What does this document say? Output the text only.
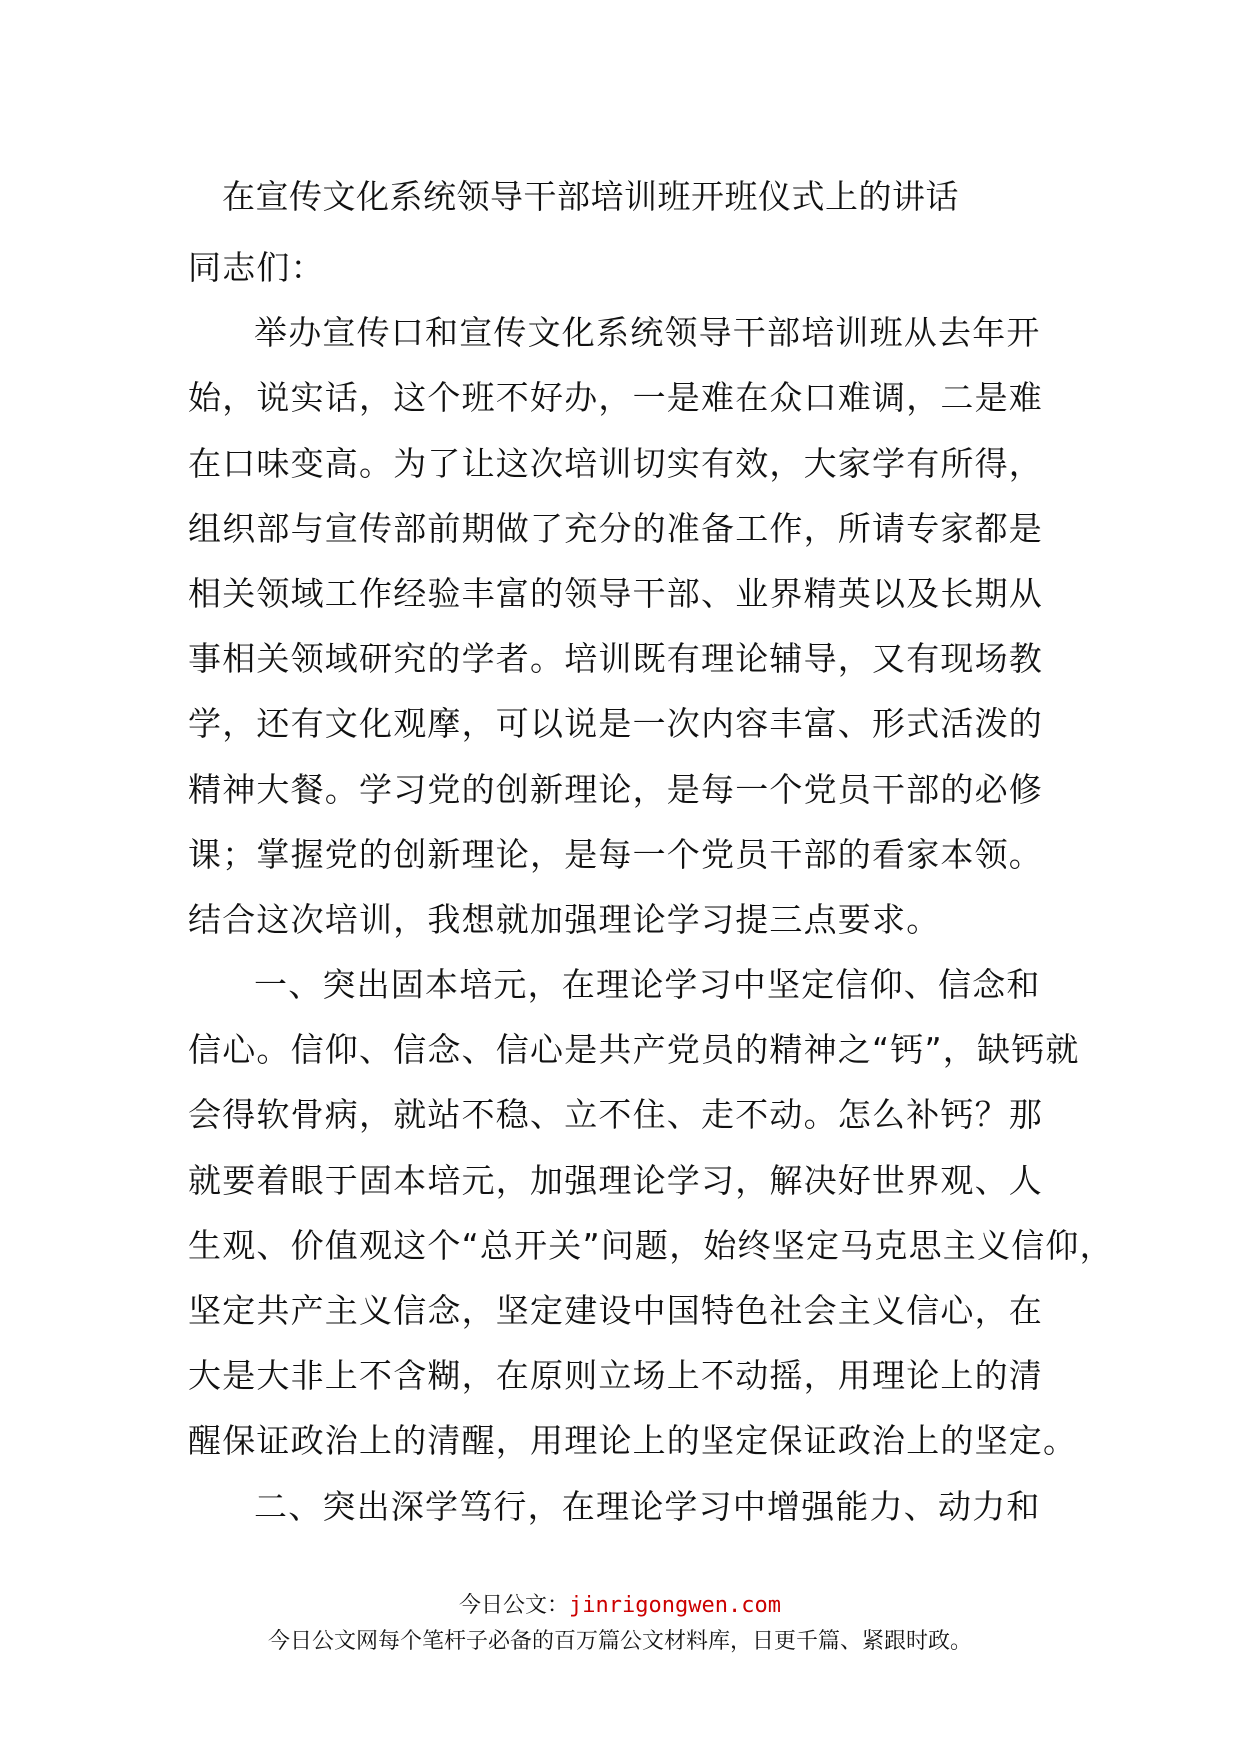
在宣传文化系统领导干部培训班开班仪式上的讲话
同志们：
举办宣传口和宣传文化系统领导干部培训班从去年开
始，说实话，这个班不好办，一是难在众口难调，二是难
在口味变高。为了让这次培训切实有效，大家学有所得，
组织部与宣传部前期做了充分的准备工作，所请专家都是
相关领域工作经验丰富的领导干部、业界精英以及长期从
事相关领域研究的学者。培训既有理论辅导，又有现场教
学，还有文化观摩，可以说是一次内容丰富、形式活泼的
精神大餐。学习党的创新理论，是每一个党员干部的必修
课；掌握党的创新理论，是每一个党员干部的看家本领。
结合这次培训，我想就加强理论学习提三点要求。
一、突出固本培元，在理论学习中坚定信仰、信念和
信心。信仰、信念、信心是共产党员的精神之“钙”，缺钙就
会得软骨病，就站不稳、立不住、走不动。怎么补钙？那
就要着眼于固本培元，加强理论学习，解决好世界观、人
生观、价值观这个“总开关”问题，始终坚定马克思主义信仰，
坚定共产主义信念，坚定建设中国特色社会主义信心，在
大是大非上不含糊，在原则立场上不动摇，用理论上的清
醒保证政治上的清醒，用理论上的坚定保证政治上的坚定。
二、突出深学笃行，在理论学习中增强能力、动力和
今日公文：jinrigongwen.com
今日公文网每个笔杆子必备的百万篇公文材料库，日更千篇、紧跟时政。
